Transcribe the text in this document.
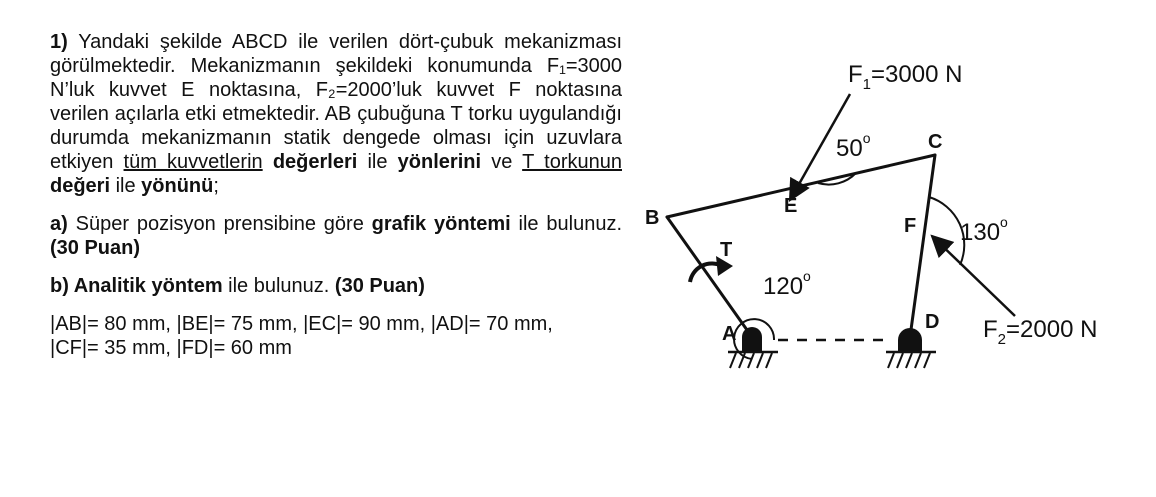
1) Yandaki şekilde ABCD ile verilen dört-çubuk mekanizması görülmektedir. Mekanizmanın şekildeki konumunda F₁=3000 N’luk kuvvet E noktasına, F₂=2000’luk kuvvet F noktasına verilen açılarla etki etmektedir. AB çubuğuna T torku uygulandığı durumda mekanizmanın statik dengede olması için uzuvlara etkiyen tüm kuvvetlerin değerleri ile yönlerini ve T torkunun değeri ile yönünü;

a) Süper pozisyon prensibine göre grafik yöntemi ile bulunuz. (30 Puan)

b) Analitik yöntem ile bulunuz. (30 Puan)

|AB|= 80 mm, |BE|= 75 mm, |EC|= 90 mm, |AD|= 70 mm,

|CF|= 35 mm, |FD|= 60 mm

$F_1=3000$ N
$F_2=2000$ N
50$^o$
130$^o$
120$^o$
A
B
C
D
E
F
T
